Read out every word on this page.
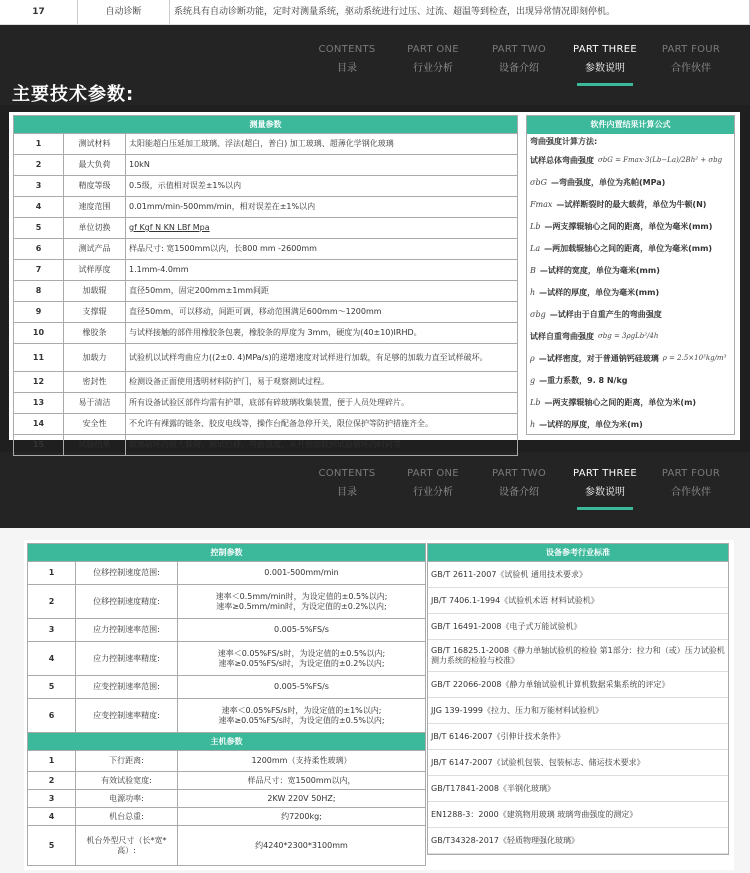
17	自动诊断	系统具有自动诊断功能，定时对测量系统，驱动系统进行过压、过流、超温等到检查，出现异常情况即刻停机。
CONTENTS
目录
PART ONE
行业分析
PART TWO
设备介绍
PART THREE
参数说明
PART FOUR
合作伙伴
主要技术参数:
测量参数		
1	测试材料	太阳能超白压延加工玻璃、浮法(超白，普白) 加工玻璃、超薄化学钢化玻璃
2	最大负荷	10kN
3	精度等级	0.5级，示值相对误差±1%以内
4	速度范围	0.01mm/min-500mm/min，相对误差在±1%以内
5	单位切换	gf Kgf N KN LBf Mpa
6	测试产品	样品尺寸: 宽1500mm以内，长800 mm -2600mm
7	试样厚度	1.1mm-4.0mm
8	加载辊	直径50mm，固定200mm±1mm间距
9	支撑辊	直径50mm，可以移动，间距可调，移动范围满足600mm～1200mm
10	橡胶条	与试样接触的部件用橡胶条包裹，橡胶条的厚度为 3mm，硬度为(40±10)IRHD。
11	加载力	试验机以试样弯曲应力((2±0. 4)MPa/s)的递增速度对试样进行加载，有足够的加载力直至试样破坏。
12	密封性	检测设备正面使用透明材料防护门，易于观察测试过程。
13	易于清洁	所有设备试验区部件均需有护罩，底部有碎玻璃收集装置，便于人员处理碎片。
14	安全性	不允许有裸露的链条、胶皮电线等，操作台配备急停开关，限位保护等防护措施齐全。
15	试验结果	玻璃破坏的最大载荷、测试位移、弯曲强度、从开始加载到试验破坏的时间等
软件内置结果计算公式
弯曲强度计算方法:
试样总体弯曲强度 σbG = Fmax·3(Lb−La)/2Bh² + σbg
σbG —弯曲强度，单位为兆帕(MPa)
Fmax —试样断裂时的最大载荷，单位为牛顿(N)
Lb —两支撑辊轴心之间的距离，单位为毫米(mm)
La —两加载辊轴心之间的距离，单位为毫米(mm)
B —试样的宽度，单位为毫米(mm)
h —试样的厚度，单位为毫米(mm)
σbg —试样由于自重产生的弯曲强度
试样自重弯曲强度 σbg = 3ρgLb²/4h
ρ —试样密度，对于普通钠钙硅玻璃 ρ = 2.5×10³kg/m³
g —重力系数，9. 8 N/kg
Lb —两支撑辊轴心之间的距离，单位为米(m)
h —试样的厚度，单位为米(m)
CONTENTS
目录
PART ONE
行业分析
PART TWO
设备介绍
PART THREE
参数说明
PART FOUR
合作伙伴
控制参数		
1	位移控制速度范围:	0.001-500mm/min

2	位移控制速度精度:	速率＜0.5mm/min时，为设定值的±0.5%以内;
速率≥0.5mm/min时，为设定值的±0.2%以内;

3	应力控制速率范围:	0.005-5%FS/s

4	应力控制速率精度:	速率＜0.05%FS/s时，为设定值的±0.5%以内;
速率≥0.05%FS/s时，为设定值的±0.2%以内;

5	应变控制速率范围:	0.005-5%FS/s

6	应变控制速率精度:	速率＜0.05%FS/s时，为设定值的±1%以内;
速率≥0.05%FS/s时，为设定值的±0.5%以内;

主机参数		
1	下行距离:	1200mm（支持柔性玻璃）
2	有效试验宽度:	样品尺寸：宽1500mm以内，
3	电源功率:	2KW 220V 50HZ;
4	机台总重:	约7200kg;
5	机台外型尺寸（长*宽*高）:	约4240*2300*3100mm
设备参考行业标准
GB/T 2611-2007《试验机 通用技术要求》
JB/T 7406.1-1994《试验机术语 材料试验机》
GB/T 16491-2008《电子式万能试验机》
GB/T 16825.1-2008《静力单轴试验机的检验 第1部分：拉力和（或）压力试验机测力系统的检验与校准》
GB/T 22066-2008《静力单轴试验机计算机数据采集系统的评定》
JJG 139-1999《拉力、压力和万能材料试验机》
JB/T 6146-2007《引伸计技术条件》
JB/T 6147-2007《试验机包装、包装标志、储运技术要求》
GB/T17841-2008《半钢化玻璃》
EN1288-3：2000《建筑物用玻璃 玻璃弯曲强度的测定》
GB/T34328-2017《轻质物理强化玻璃》
